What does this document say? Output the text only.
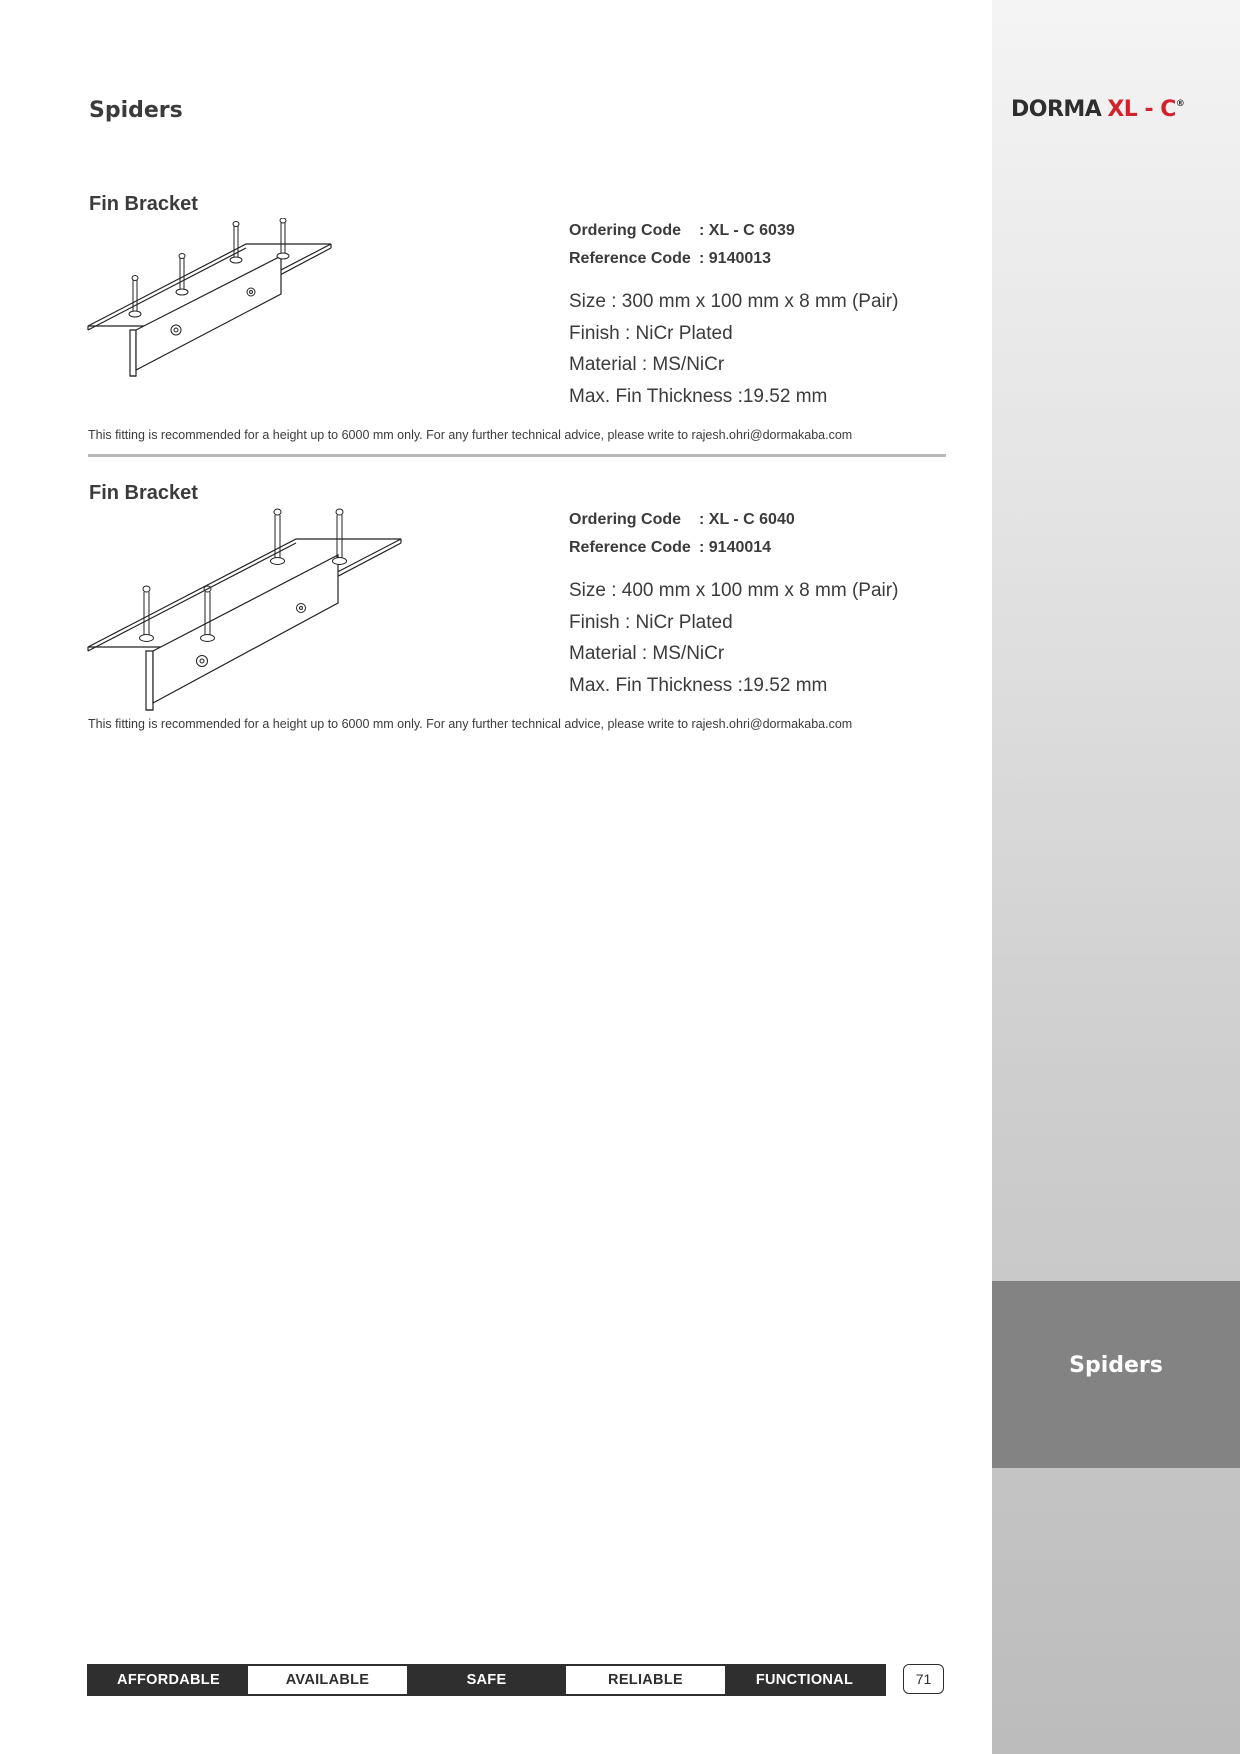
Spiders
DORMA XL - C®
Spiders
Fin Bracket
Ordering Code : XL - C 6039
Reference Code : 9140013
Size : 300 mm x 100 mm x 8 mm (Pair)
Finish : NiCr Plated
Material : MS/NiCr
Max. Fin Thickness :19.52 mm
This fitting is recommended for a height up to 6000 mm only. For any further technical advice, please write to rajesh.ohri@dormakaba.com
Fin Bracket
Ordering Code : XL - C 6040
Reference Code : 9140014
Size : 400 mm x 100 mm x 8 mm (Pair)
Finish : NiCr Plated
Material : MS/NiCr
Max. Fin Thickness :19.52 mm
This fitting is recommended for a height up to 6000 mm only. For any further technical advice, please write to rajesh.ohri@dormakaba.com
AFFORDABLE	AVAILABLE	SAFE	RELIABLE	FUNCTIONAL	71
